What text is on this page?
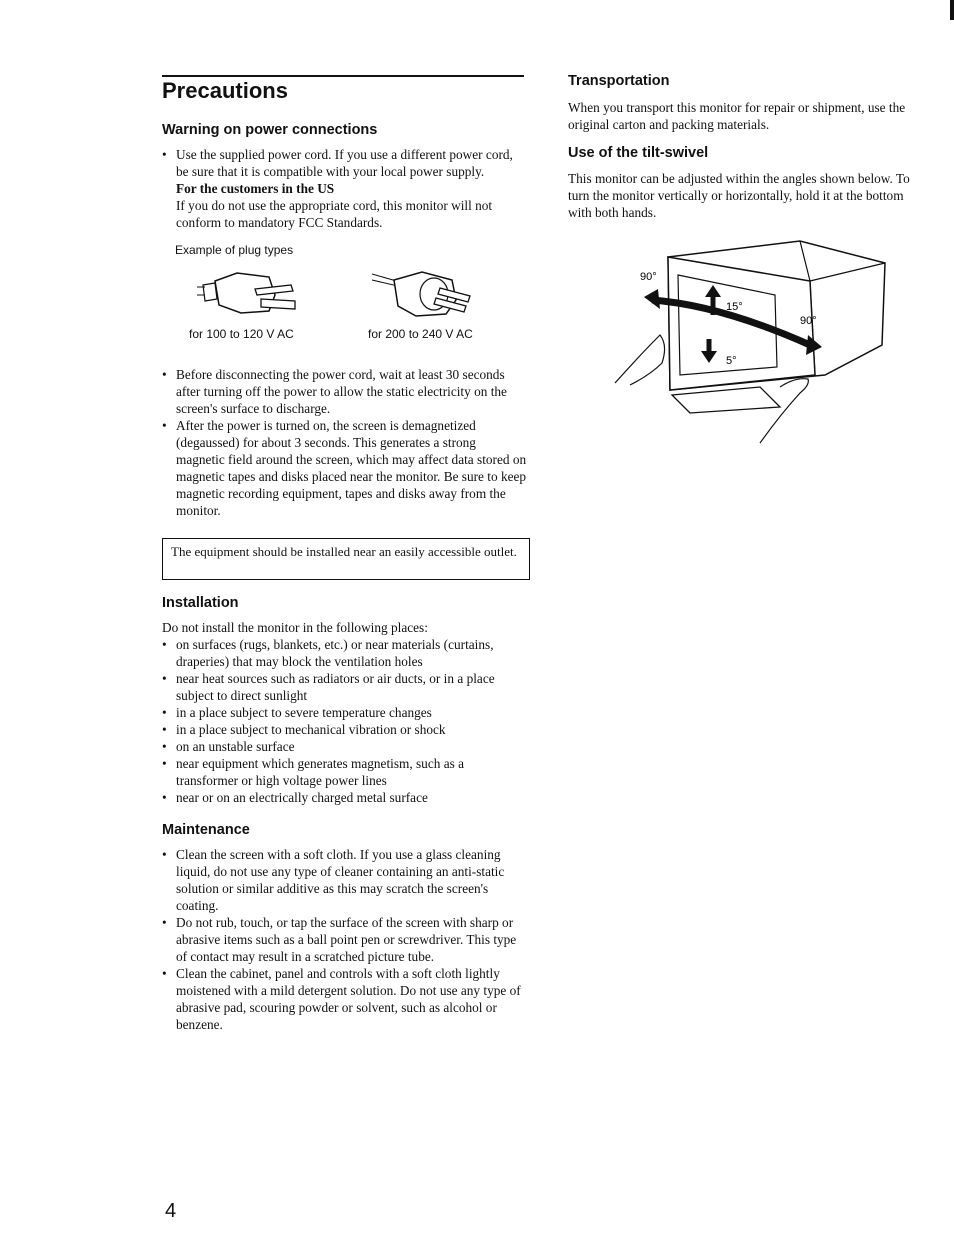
Precautions
Warning on power connections

• Use the supplied power cord. If you use a different power cord, be sure that it is compatible with your local power supply.

For the customers in the US

If you do not use the appropriate cord, this monitor will not conform to mandatory FCC Standards.

Example of plug types
for 100 to 120 V AC	for 200 to 240 V AC
• Before disconnecting the power cord, wait at least 30 seconds after turning off the power to allow the static electricity on the screen's surface to discharge.
• After the power is turned on, the screen is demagnetized (degaussed) for about 3 seconds. This generates a strong magnetic field around the screen, which may affect data stored on magnetic tapes and disks placed near the monitor. Be sure to keep magnetic recording equipment, tapes and disks away from the monitor.
The equipment should be installed near an easily accessible outlet.
Installation

Do not install the monitor in the following places:

• on surfaces (rugs, blankets, etc.) or near materials (curtains, draperies) that may block the ventilation holes
• near heat sources such as radiators or air ducts, or in a place subject to direct sunlight
• in a place subject to severe temperature changes
• in a place subject to mechanical vibration or shock
• on an unstable surface
• near equipment which generates magnetism, such as a transformer or high voltage power lines
• near or on an electrically charged metal surface
Maintenance
• Clean the screen with a soft cloth. If you use a glass cleaning liquid, do not use any type of cleaner containing an anti-static solution or similar additive as this may scratch the screen's coating.
• Do not rub, touch, or tap the surface of the screen with sharp or abrasive items such as a ball point pen or screwdriver. This type of contact may result in a scratched picture tube.
• Clean the cabinet, panel and controls with a soft cloth lightly moistened with a mild detergent solution. Do not use any type of abrasive pad, scouring powder or solvent, such as alcohol or benzene.
4
Transportation
When you transport this monitor for repair or shipment, use the original carton and packing materials.
Use of the tilt-swivel
This monitor can be adjusted within the angles shown below. To turn the monitor vertically or horizontally, hold it at the bottom with both hands.
90°
15°
90°
5°
